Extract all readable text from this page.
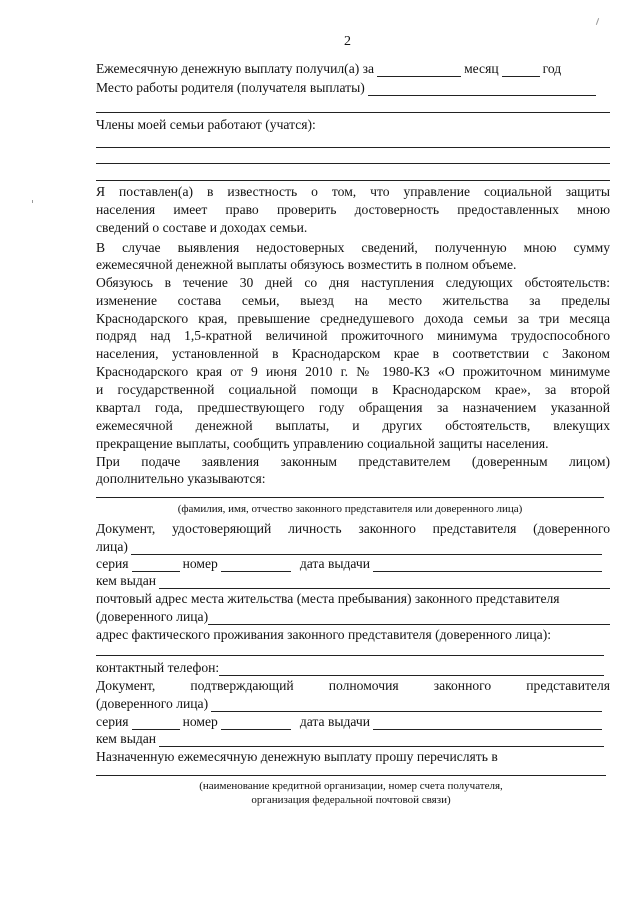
2
Ежемесячную денежную выплату получил(а) за	месяц	год
Место работы родителя (получателя выплаты)
Члены моей семьи работают (учатся):
Я поставлен(а) в известность о том, что управление социальной защиты
населения имеет право проверить достоверность предоставленных мною
сведений о составе и доходах семьи.
В случае выявления недостоверных сведений, полученную мною сумму
ежемесячной денежной выплаты обязуюсь возместить в полном объеме.
Обязуюсь в течение 30 дней со дня наступления следующих обстоятельств:
изменение состава семьи, выезд на место жительства за пределы
Краснодарского края, превышение среднедушевого дохода семьи за три месяца
подряд над 1,5-кратной величиной прожиточного минимума трудоспособного
населения, установленной в Краснодарском крае в соответствии с Законом
Краснодарского края от 9 июня 2010 г. № 1980-КЗ «О прожиточном минимуме
и государственной социальной помощи в Краснодарском крае», за второй
квартал года, предшествующего году обращения за назначением указанной
ежемесячной денежной выплаты, и других обстоятельств, влекущих
прекращение выплаты, сообщить управлению социальной защиты населения.
При подаче заявления законным представителем (доверенным лицом)
дополнительно указываются:
(фамилия, имя, отчество законного представителя или доверенного лица)
Документ, удостоверяющий личность законного представителя (доверенного
лица)
серия	номер	дата выдачи
кем выдан
почтовый адрес места жительства (места пребывания) законного представителя
(доверенного лица)
адрес фактического проживания законного представителя (доверенного лица):
контактный телефон:
Документ, подтверждающий полномочия законного представителя
(доверенного лица)
серия	номер	дата выдачи
кем выдан
Назначенную ежемесячную денежную выплату прошу перечислять в
(наименование кредитной организации, номер счета получателя,
организация федеральной почтовой связи)
